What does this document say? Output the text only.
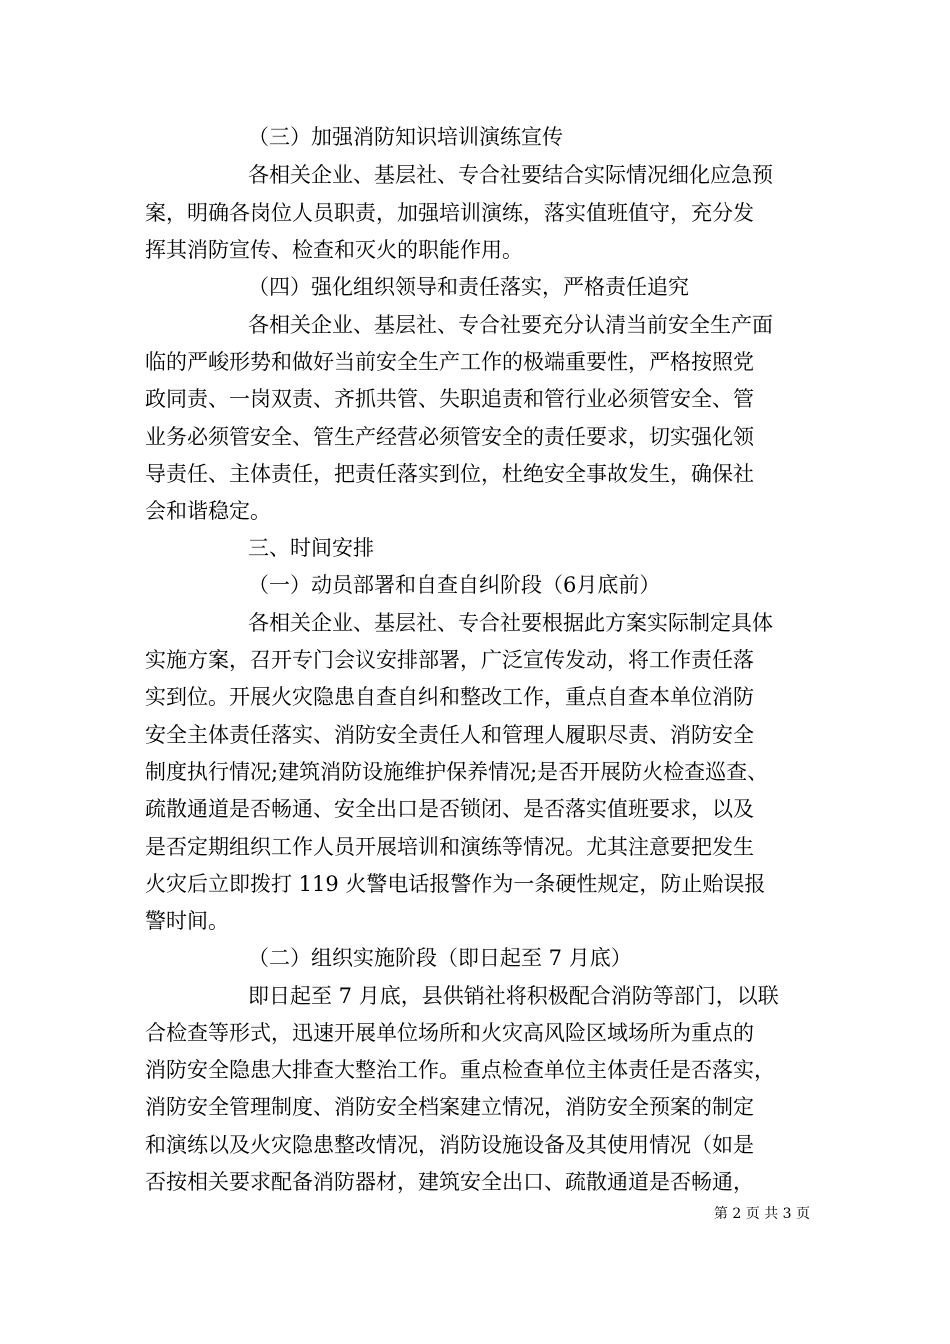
（三）加强消防知识培训演练宣传
各相关企业、基层社、专合社要结合实际情况细化应急预
案，明确各岗位人员职责，加强培训演练，落实值班值守，充分发
挥其消防宣传、检查和灭火的职能作用。
（四）强化组织领导和责任落实，严格责任追究
各相关企业、基层社、专合社要充分认清当前安全生产面
临的严峻形势和做好当前安全生产工作的极端重要性，严格按照党
政同责、一岗双责、齐抓共管、失职追责和管行业必须管安全、管
业务必须管安全、管生产经营必须管安全的责任要求，切实强化领
导责任、主体责任，把责任落实到位，杜绝安全事故发生，确保社
会和谐稳定。
三、时间安排
（一）动员部署和自查自纠阶段（6月底前）
各相关企业、基层社、专合社要根据此方案实际制定具体
实施方案，召开专门会议安排部署，广泛宣传发动，将工作责任落
实到位。开展火灾隐患自查自纠和整改工作，重点自查本单位消防
安全主体责任落实、消防安全责任人和管理人履职尽责、消防安全
制度执行情况;建筑消防设施维护保养情况;是否开展防火检查巡查、
疏散通道是否畅通、安全出口是否锁闭、是否落实值班要求，以及
是否定期组织工作人员开展培训和演练等情况。尤其注意要把发生
火灾后立即拨打 119 火警电话报警作为一条硬性规定，防止贻误报
警时间。
（二）组织实施阶段（即日起至 7 月底）
即日起至 7 月底，县供销社将积极配合消防等部门，以联
合检查等形式，迅速开展单位场所和火灾高风险区域场所为重点的
消防安全隐患大排查大整治工作。重点检查单位主体责任是否落实，
消防安全管理制度、消防安全档案建立情况，消防安全预案的制定
和演练以及火灾隐患整改情况，消防设施设备及其使用情况（如是
否按相关要求配备消防器材，建筑安全出口、疏散通道是否畅通，
第 2 页 共 3 页
